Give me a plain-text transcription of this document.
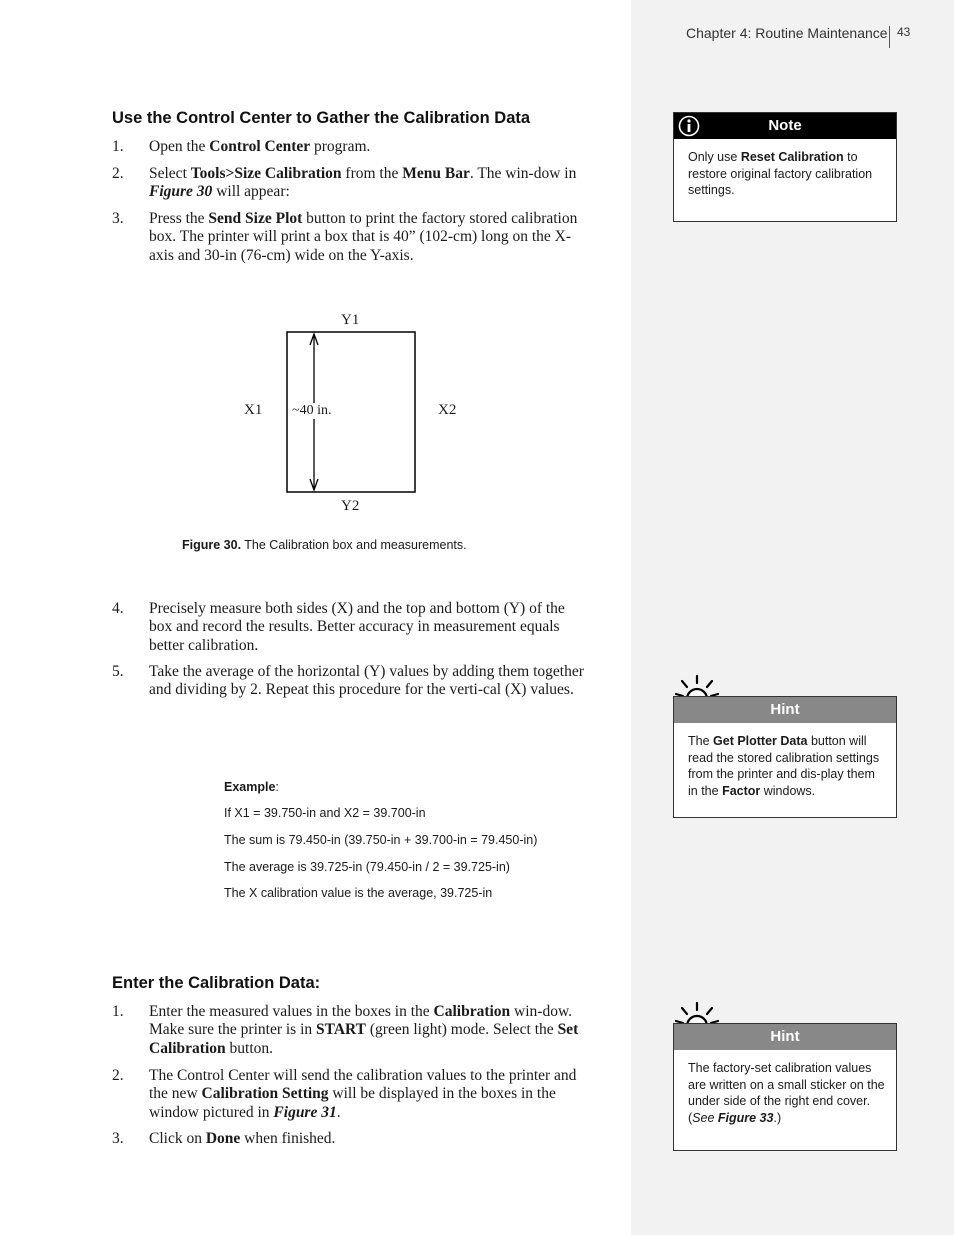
Chapter 4: Routine Maintenance 43
Use the Control Center to Gather the Calibration Data
1. Open the Control Center program.
2. Select Tools>Size Calibration from the Menu Bar. The win-dow in Figure 30 will appear:
3. Press the Send Size Plot button to print the factory stored calibration box. The printer will print a box that is 40” (102-cm) long on the X-axis and 30-in (76-cm) wide on the Y-axis.
Y1
Y2
X1	X2
~40 in.
Figure 30. The Calibration box and measurements.
4. Precisely measure both sides (X) and the top and bottom (Y) of the box and record the results. Better accuracy in measurement equals better calibration.
5. Take the average of the horizontal (Y) values by adding them together and dividing by 2. Repeat this procedure for the verti-cal (X) values.
Example:
If X1 = 39.750-in and X2 = 39.700-in
The sum is 79.450-in (39.750-in + 39.700-in = 79.450-in)
The average is 39.725-in (79.450-in / 2 = 39.725-in)
The X calibration value is the average, 39.725-in
Enter the Calibration Data:
1. Enter the measured values in the boxes in the Calibration win-dow. Make sure the printer is in START (green light) mode. Select the Set Calibration button.
2. The Control Center will send the calibration values to the printer and the new Calibration Setting will be displayed in the boxes in the window pictured in Figure 31.
3. Click on Done when finished.
Note
Only use Reset Calibration to restore original factory calibration settings.
Hint
The Get Plotter Data button will read the stored calibration settings from the printer and dis-play them in the Factor windows.
Hint
The factory-set calibration values are written on a small sticker on the under side of the right end cover. (See Figure 33.)
